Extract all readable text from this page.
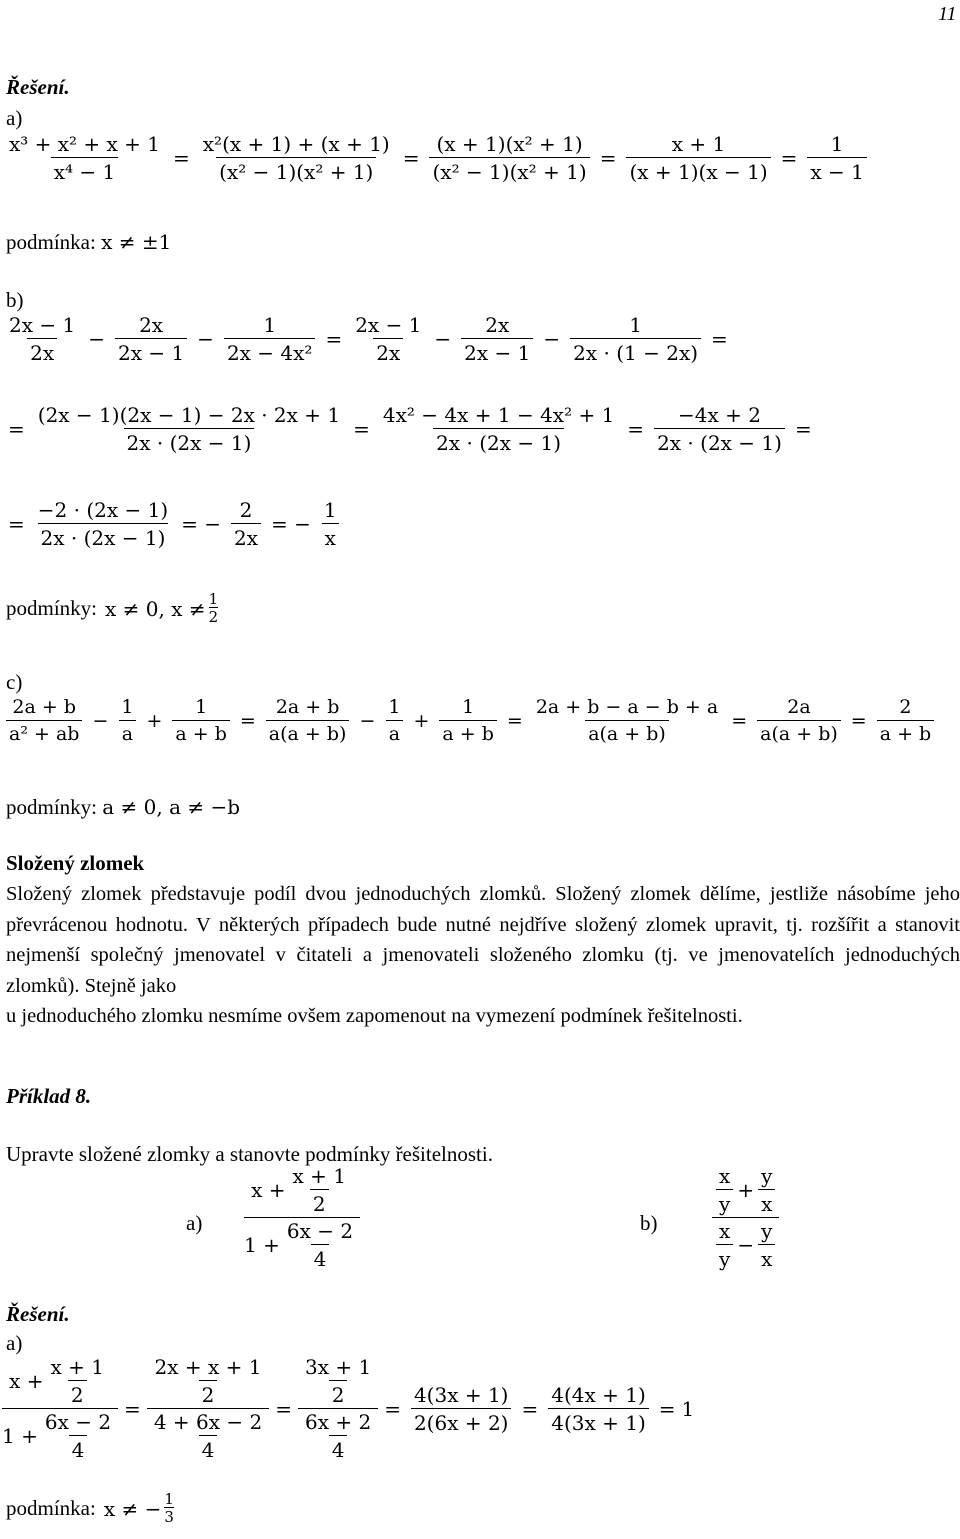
11
Řešení.
a)
$\frac{\text{x³ + x² + x + 1}}{\text{x⁴ − 1}} = \frac{\text{x²(x + 1) + (x + 1)}}{\text{(x² − 1)(x² + 1)}} = \frac{\text{(x + 1)(x² + 1)}}{\text{(x² − 1)(x² + 1)}} = \frac{x + 1}{(x + 1)(x - 1)} = \frac{1}{x - 1}$
podmínka: x ≠ ±1
b)
$\frac{2x - 1}{2x} - \frac{2x}{2x - 1} - \frac{1}{\text{2x − 4x²}} = \frac{2x - 1}{2x} - \frac{2x}{2x - 1} - \frac{1}{2x \cdot (1 - 2x)}$ =
= $\frac{(2x - 1)(2x - 1) - 2x \cdot 2x + 1}{2x \cdot (2x - 1)} = \frac{\text{4x² − 4x + 1 − 4x² + 1}}{2x \cdot (2x - 1)} = \frac{-4x + 2}{2x \cdot (2x - 1)}$ =
= $\frac{-2 \cdot (2x - 1)}{2x \cdot (2x - 1)}$ = − $\frac{2}{2x}$ = − $\frac{1}{x}$
podmínky: x ≠ 0, x ≠ 1
2
c)
$\frac{2a + b}{\text{a² + ab}} - \frac{1}{a} + \frac{1}{a + b} = \frac{2a + b}{a(a + b)} - \frac{1}{a} + \frac{1}{a + b} = \frac{2a + b - a - b + a}{a(a + b)} = \frac{2a}{a(a + b)} = \frac{2}{a + b}$
podmínky: a ≠ 0, a ≠ −b
Složený zlomek
Složený zlomek představuje podíl dvou jednoduchých zlomků. Složený zlomek dělíme, jestliže násobíme jeho převrácenou hodnotu. V některých případech bude nutné nejdříve složený zlomek upravit, tj. rozšířit a stanovit nejmenší společný jmenovatel v čitateli a jmenovateli složeného zlomku (tj. ve jmenovatelích jednoduchých zlomků). Stejně jako
u jednoduchého zlomku nesmíme ovšem zapomenout na vymezení podmínek řešitelnosti.
Příklad 8.
Upravte složené zlomky a stanovte podmínky řešitelnosti.
a)
$x + \frac{x + 1}{2}$
$1 + \frac{6x - 2}{4}$	b)
$\frac{x}{y} + \frac{y}{x}$
$\frac{x}{y} - \frac{y}{x}$
Řešení.
a)
$x + \frac{x + 1}{2}$
$1 + \frac{6x - 2}{4}$
=
$\frac{2x + x + 1}{2}$
$\frac{4 + 6x - 2}{4}$
=
$\frac{3x + 1}{2}$
$\frac{6x + 2}{4}$
= $\frac{4(3x + 1)}{2(6x + 2)} = \frac{4(4x + 1)}{4(3x + 1)} = 1$
podmínka: x ≠ − $\frac{1}{3}$
